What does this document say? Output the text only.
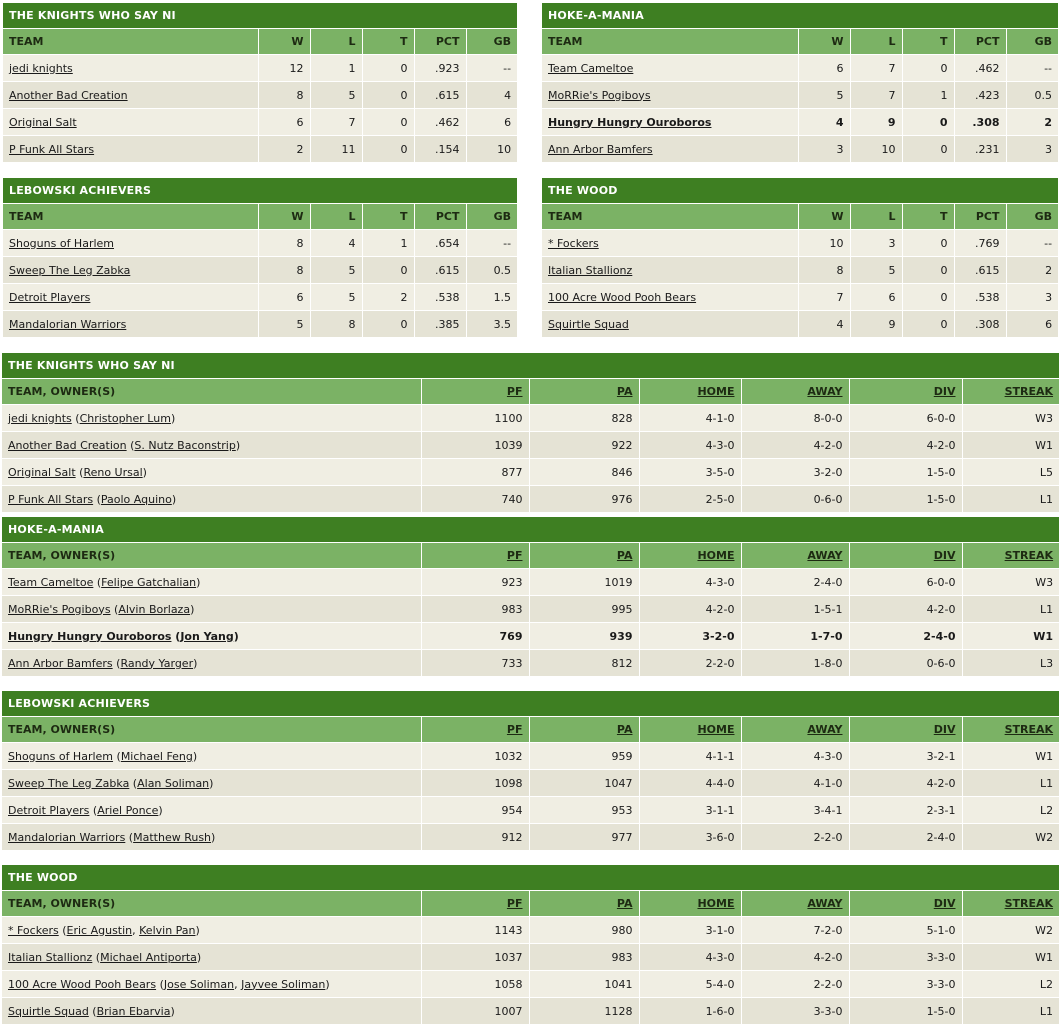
THE KNIGHTS WHO SAY NI					
TEAM	W	L	T	PCT	GB
jedi knights	12	1	0	.923	--
Another Bad Creation	8	5	0	.615	4
Original Salt	6	7	0	.462	6
P Funk All Stars	2	11	0	.154	10
HOKE-A-MANIA					
TEAM	W	L	T	PCT	GB
Team Cameltoe	6	7	0	.462	--
MoRRie's Pogiboys	5	7	1	.423	0.5
Hungry Hungry Ouroboros	4	9	0	.308	2
Ann Arbor Bamfers	3	10	0	.231	3
LEBOWSKI ACHIEVERS					
TEAM	W	L	T	PCT	GB
Shoguns of Harlem	8	4	1	.654	--
Sweep The Leg Zabka	8	5	0	.615	0.5
Detroit Players	6	5	2	.538	1.5
Mandalorian Warriors	5	8	0	.385	3.5
THE WOOD					
TEAM	W	L	T	PCT	GB
* Fockers	10	3	0	.769	--
Italian Stallionz	8	5	0	.615	2
100 Acre Wood Pooh Bears	7	6	0	.538	3
Squirtle Squad	4	9	0	.308	6
THE KNIGHTS WHO SAY NI						
TEAM, OWNER(S)	PF	PA	HOME	AWAY	DIV	STREAK
jedi knights (Christopher Lum)	1100	828	4-1-0	8-0-0	6-0-0	W3
Another Bad Creation (S. Nutz Baconstrip)	1039	922	4-3-0	4-2-0	4-2-0	W1
Original Salt (Reno Ursal)	877	846	3-5-0	3-2-0	1-5-0	L5
P Funk All Stars (Paolo Aquino)	740	976	2-5-0	0-6-0	1-5-0	L1
HOKE-A-MANIA						
TEAM, OWNER(S)	PF	PA	HOME	AWAY	DIV	STREAK
Team Cameltoe (Felipe Gatchalian)	923	1019	4-3-0	2-4-0	6-0-0	W3
MoRRie's Pogiboys (Alvin Borlaza)	983	995	4-2-0	1-5-1	4-2-0	L1
Hungry Hungry Ouroboros (Jon Yang)	769	939	3-2-0	1-7-0	2-4-0	W1
Ann Arbor Bamfers (Randy Yarger)	733	812	2-2-0	1-8-0	0-6-0	L3
LEBOWSKI ACHIEVERS						
TEAM, OWNER(S)	PF	PA	HOME	AWAY	DIV	STREAK
Shoguns of Harlem (Michael Feng)	1032	959	4-1-1	4-3-0	3-2-1	W1
Sweep The Leg Zabka (Alan Soliman)	1098	1047	4-4-0	4-1-0	4-2-0	L1
Detroit Players (Ariel Ponce)	954	953	3-1-1	3-4-1	2-3-1	L2
Mandalorian Warriors (Matthew Rush)	912	977	3-6-0	2-2-0	2-4-0	W2
THE WOOD						
TEAM, OWNER(S)	PF	PA	HOME	AWAY	DIV	STREAK
* Fockers (Eric Agustin, Kelvin Pan)	1143	980	3-1-0	7-2-0	5-1-0	W2
Italian Stallionz (Michael Antiporta)	1037	983	4-3-0	4-2-0	3-3-0	W1
100 Acre Wood Pooh Bears (Jose Soliman, Jayvee Soliman)	1058	1041	5-4-0	2-2-0	3-3-0	L2
Squirtle Squad (Brian Ebarvia)	1007	1128	1-6-0	3-3-0	1-5-0	L1
